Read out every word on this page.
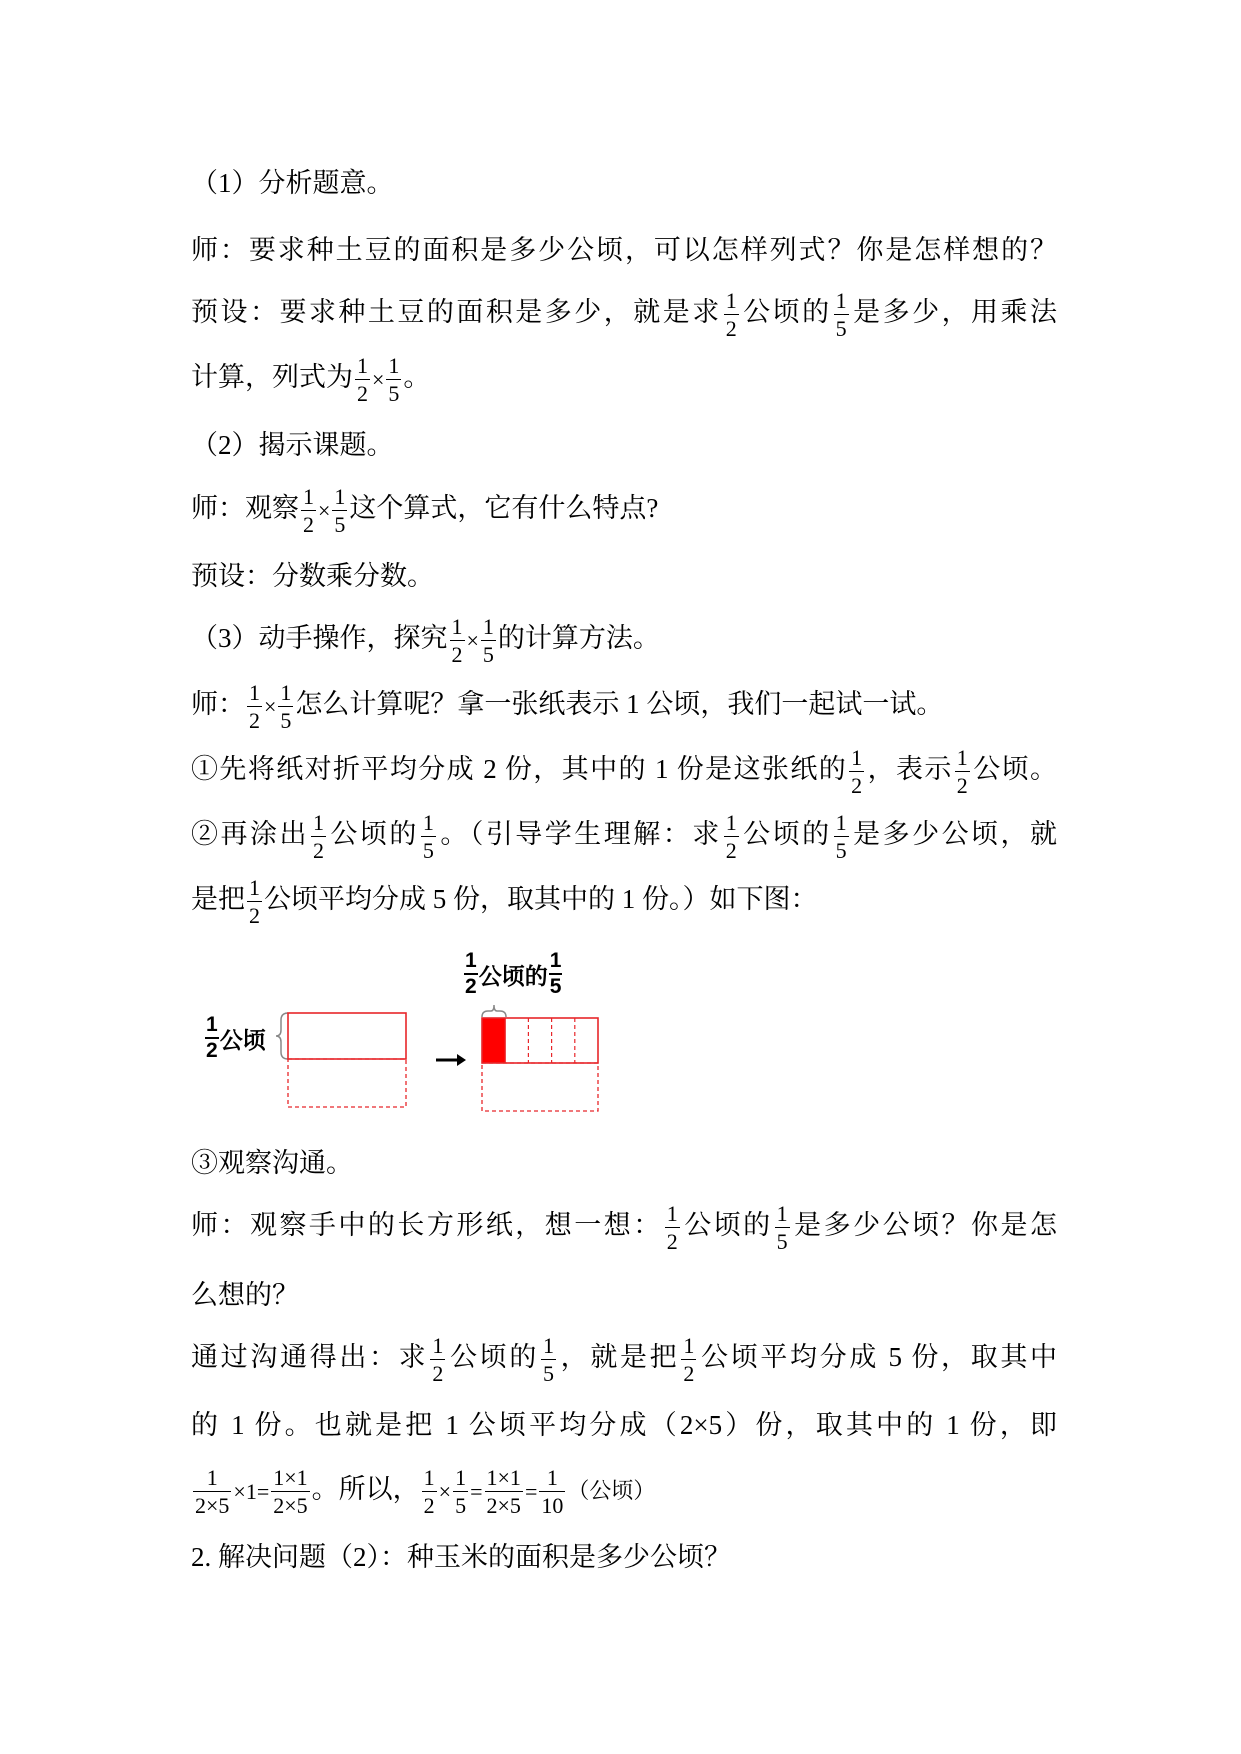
（1）分析题意。
师：要求种土豆的面积是多少公顷，可以怎样列式？你是怎样想的？
预设：要求种土豆的面积是多少，就是求 $\frac{1}{2}$ 公顷的 $\frac{1}{5}$ 是多少，用乘法
计算，列式为 $\frac{1}{2} \times \frac{1}{5}$ 。
（2）揭示课题。
师：观察 $\frac{1}{2} \times \frac{1}{5}$ 这个算式，它有什么特点?
预设：分数乘分数。
（3）动手操作，探究 $\frac{1}{2} \times \frac{1}{5}$ 的计算方法。
师： $\frac{1}{2} \times \frac{1}{5}$ 怎么计算呢？拿一张纸表示 1 公顷，我们一起试一试。
①先将纸对折平均分成 2 份，其中的 1 份是这张纸的 $\frac{1}{2}$ ，表示 $\frac{1}{2}$ 公顷。
②再涂出 $\frac{1}{2}$ 公顷的 $\frac{1}{5}$ 。（引导学生理解：求 $\frac{1}{2}$ 公顷的 $\frac{1}{5}$ 是多少公顷，就
是把 $\frac{1}{2}$ 公顷平均分成 5 份，取其中的 1 份。）如下图：
$\frac{1}{2}$ 公顷
$\frac{1}{2}$ 公顷的 $\frac{1}{5}$
③观察沟通。
师：观察手中的长方形纸，想一想： $\frac{1}{2}$ 公顷的 $\frac{1}{5}$ 是多少公顷？你是怎
么想的？
通过沟通得出：求 $\frac{1}{2}$ 公顷的 $\frac{1}{5}$ ，就是把 $\frac{1}{2}$ 公顷平均分成 5 份，取其中
的 1 份。也就是把 1 公顷平均分成（2×5）份，取其中的 1 份，即
$\frac{1}{2\times 5} \times 1= \frac{1\times 1}{2\times 5}$ 。所以， $\frac{1}{2} \times \frac{1}{5} = \frac{1\times 1}{2\times 5} = \frac{1}{10}$ （公顷）
2. 解决问题（2）：种玉米的面积是多少公顷？
